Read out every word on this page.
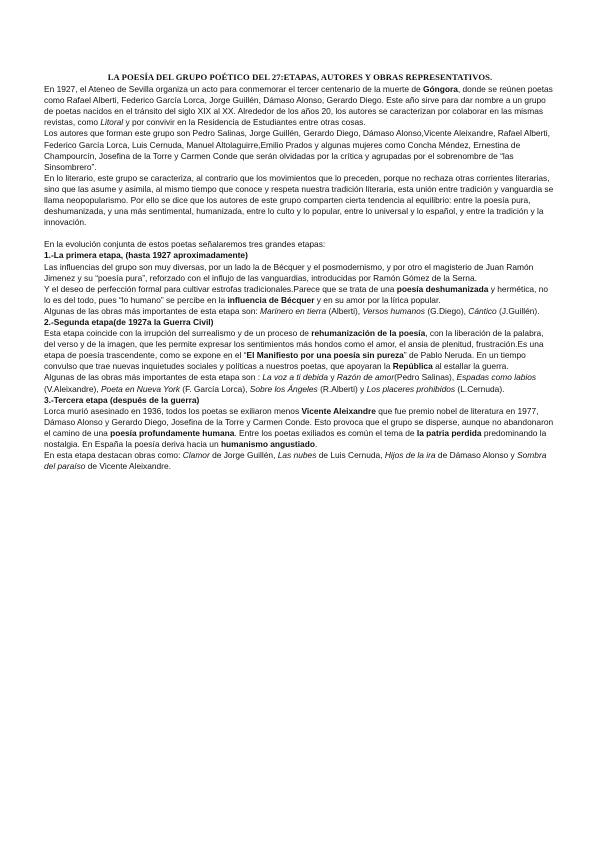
LA POESÍA DEL GRUPO POÉTICO DEL 27:ETAPAS, AUTORES Y OBRAS REPRESENTATIVOS.

En 1927, el Ateneo de Sevilla organiza un acto para conmemorar el tercer centenario de la muerte de Góngora, donde se reúnen poetas como Rafael Alberti, Federico García Lorca, Jorge Guillén, Dámaso Alonso, Gerardo Diego. Este año sirve para dar nombre a un grupo de poetas nacidos en el tránsito del siglo XIX al XX. Alrededor de los años 20, los autores se caracterizan por colaborar en las mismas revistas, como Litoral y por convivir en la Residencia de Estudiantes entre otras cosas.

Los autores que forman este grupo son Pedro Salinas, Jorge Guillén, Gerardo Diego, Dámaso Alonso,Vicente Aleixandre, Rafael Alberti, Federico García Lorca, Luis Cernuda, Manuel Altolaguirre,Emilio Prados y algunas mujeres como Concha Méndez, Ernestina de Champourcín, Josefina de la Torre y Carmen Conde que serán olvidadas por la crítica y agrupadas por el sobrenombre de “las Sinsombrero”.

En lo literario, este grupo se caracteriza, al contrario que los movimientos que lo preceden, porque no rechaza otras corrientes literarias, sino que las asume y asimila, al mismo tiempo que conoce y respeta nuestra tradición literaria, esta unión entre tradición y vanguardia se llama neopopularismo. Por ello se dice que los autores de este grupo comparten cierta tendencia al equilibrio: entre la poesía pura, deshumanizada, y una más sentimental, humanizada, entre lo culto y lo popular, entre lo universal y lo español, y entre la tradición y la innovación.

En la evolución conjunta de estos poetas señalaremos tres grandes etapas:

1.-La primera etapa, (hasta 1927 aproximadamente)

Las influencias del grupo son muy diversas, por un lado la de Bécquer y el posmodernismo, y por otro el magisterio de Juan Ramón Jimenez y su “poesía pura”, reforzado con el influjo de las vanguardias, introducidas por Ramón Gómez de la Serna.

Y el deseo de perfección formal para cultivar estrofas tradicionales.Parece que se trata de una poesía deshumanizada y hermética, no lo es del todo, pues “lo humano” se percibe en la influencia de Bécquer y en su amor por la lírica popular.

Algunas de las obras más importantes de esta etapa son: Marinero en tierra (Alberti), Versos humanos (G.Diego), Cántico (J.Guillén).

2.-Segunda etapa(de 1927a la Guerra Civil)

Esta etapa coincide con la irrupción del surrealismo y de un proceso de rehumanización de la poesía, con la liberación de la palabra, del verso y de la imagen, que les permite expresar los sentimientos más hondos como el amor, el ansia de plenitud, frustración.Es una etapa de poesía trascendente, como se expone en el “El Manifiesto por una poesía sin pureza” de Pablo Neruda. En un tiempo convulso que trae nuevas inquietudes sociales y políticas a nuestros poetas, que apoyaran la República al estallar la guerra.

Algunas de las obras más importantes de esta etapa son : La voz a ti debida y Razón de amor(Pedro Salinas), Espadas como labios (V.Aleixandre), Poeta en Nueva York (F. García Lorca), Sobre los Ángeles (R.Alberti) y Los placeres prohibidos (L.Cernuda).

3.-Tercera etapa (después de la guerra)

Lorca murió asesinado en 1936, todos los poetas se exiliaron menos Vicente Aleixandre que fue premio nobel de literatura en 1977, Dámaso Alonso y Gerardo Diego, Josefina de la Torre y Carmen Conde. Esto provoca que el grupo se disperse, aunque no abandonaron el camino de una poesía profundamente humana. Entre los poetas exiliados es común el tema de la patria perdida predominando la nostalgia. En España la poesía deriva hacia un humanismo angustiado.

En esta etapa destacan obras como: Clamor de Jorge Guillén, Las nubes de Luis Cernuda, Hijos de la ira de Dámaso Alonso y Sombra del paraíso de Vicente Aleixandre.
